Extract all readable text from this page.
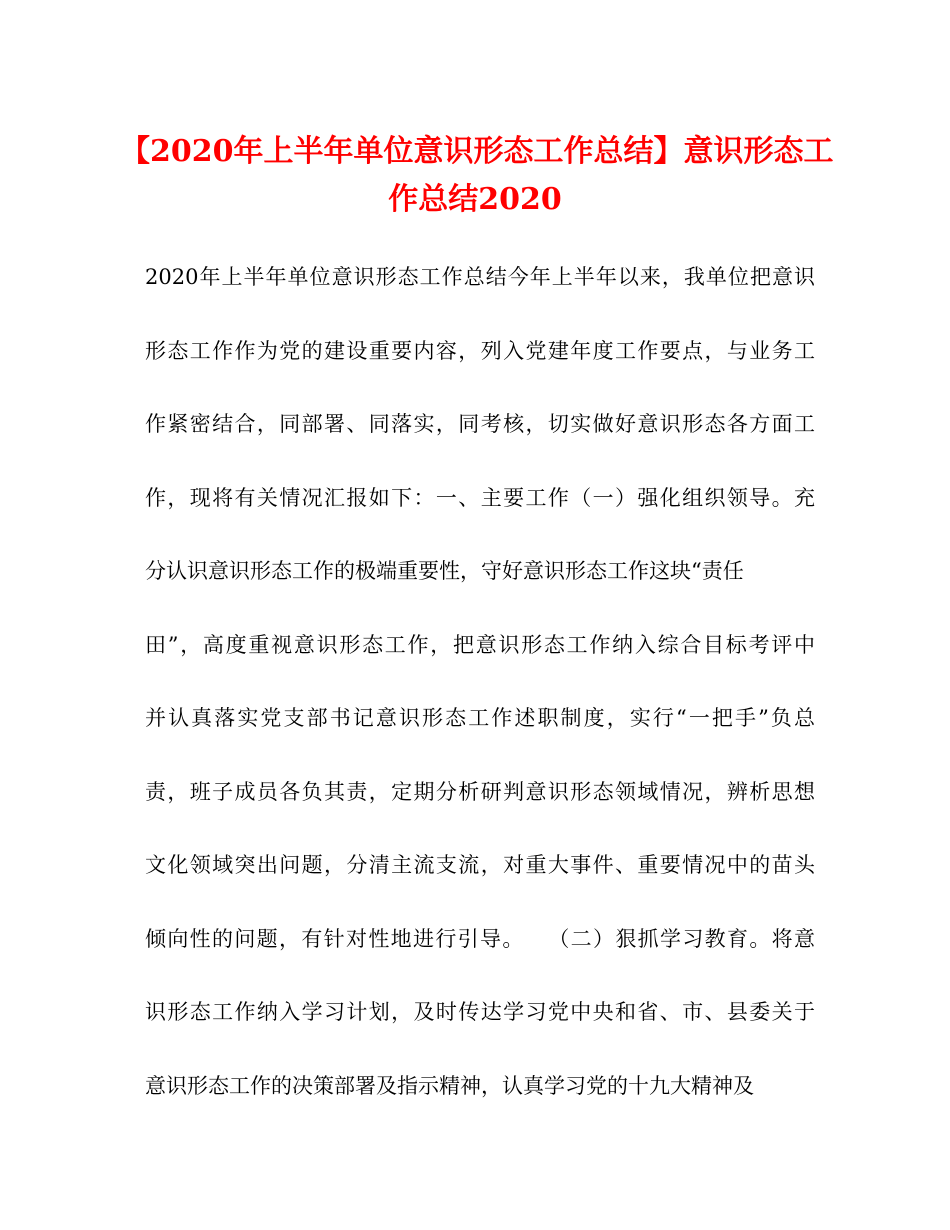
【2020年上半年单位意识形态工作总结】意识形态工
作总结2020
2020年上半年单位意识形态工作总结今年上半年以来，我单位把意识
形态工作作为党的建设重要内容，列入党建年度工作要点，与业务工
作紧密结合，同部署、同落实，同考核，切实做好意识形态各方面工
作，现将有关情况汇报如下：一、主要工作（一）强化组织领导。充
分认识意识形态工作的极端重要性，守好意识形态工作这块“责任
田”，高度重视意识形态工作，把意识形态工作纳入综合目标考评中
并认真落实党支部书记意识形态工作述职制度，实行“一把手”负总
责，班子成员各负其责，定期分析研判意识形态领域情况，辨析思想
文化领域突出问题，分清主流支流，对重大事件、重要情况中的苗头
倾向性的问题，有针对性地进行引导。　　（二）狠抓学习教育。将意
识形态工作纳入学习计划，及时传达学习党中央和省、市、县委关于
意识形态工作的决策部署及指示精神，认真学习党的十九大精神及
